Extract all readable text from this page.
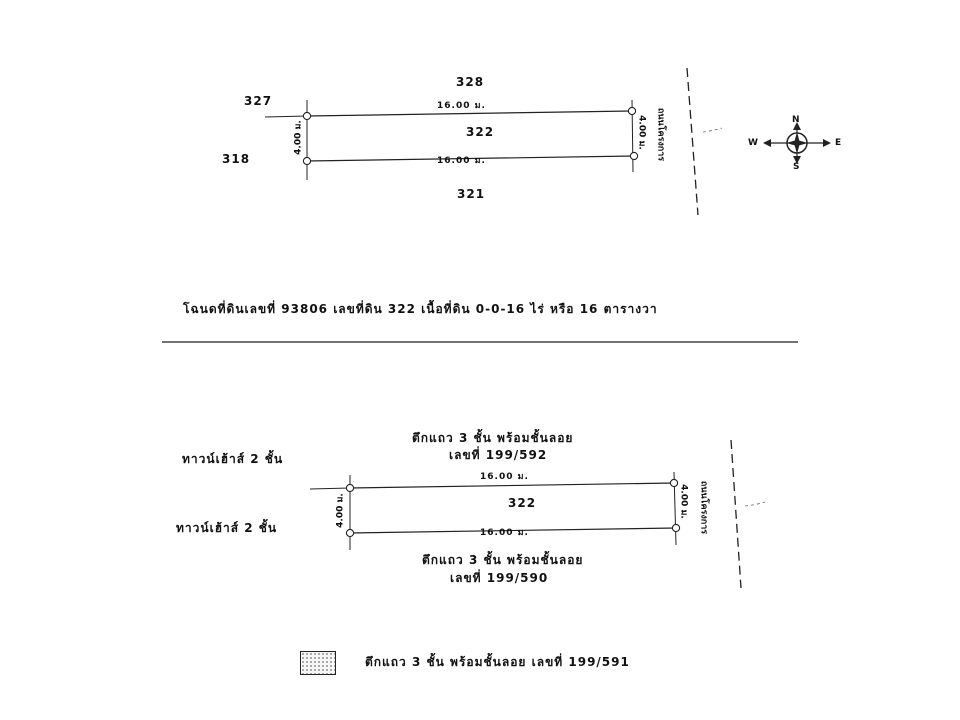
328
327
318
321
322
16.00 ม.
16.00 ม.
4.00 ม.	4.00 ม. ถนนโครงการ	N
S
W	E
โฉนดที่ดินเลขที่ 93806 เลขที่ดิน 322 เนื้อที่ดิน 0-0-16 ไร่ หรือ 16 ตารางวา
ตึกแถว 3 ชั้น พร้อมชั้นลอย
เลขที่ 199/592
ทาวน์เฮ้าส์ 2 ชั้น
ทาวน์เฮ้าส์ 2 ชั้น
322
16.00 ม.
16.00 ม.
4.00 ม.	4.00 ม. ถนนโครงการ
ตึกแถว 3 ชั้น พร้อมชั้นลอย
เลขที่ 199/590
ตึกแถว 3 ชั้น พร้อมชั้นลอย เลขที่ 199/591
